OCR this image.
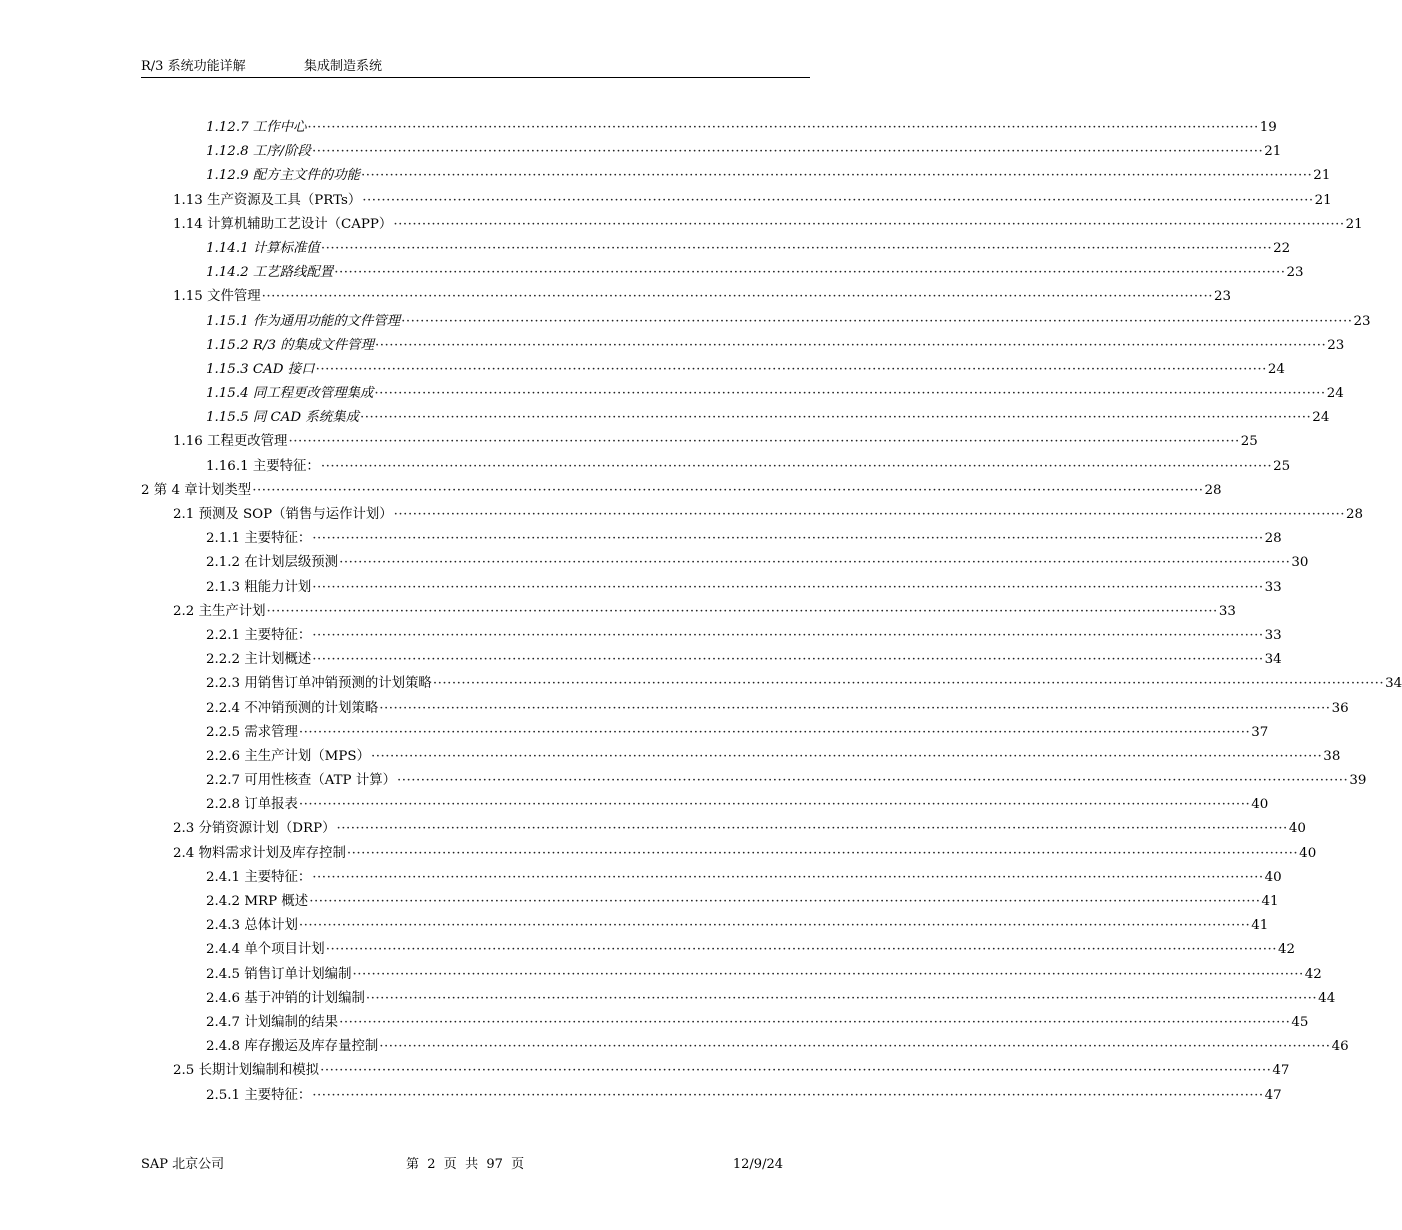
R/3 系统功能详解	集成制造系统
1.12.7 工作中心 ········································································································································································································ 19
1.12.8 工序/阶段 ········································································································································································································ 21
1.12.9 配方主文件的功能 ········································································································································································································ 21
1.13 生产资源及工具（PRTs） ········································································································································································································ 21
1.14 计算机辅助工艺设计（CAPP） ········································································································································································································ 21
1.14.1 计算标准值 ········································································································································································································ 22
1.14.2 工艺路线配置 ········································································································································································································ 23
1.15 文件管理 ········································································································································································································ 23
1.15.1 作为通用功能的文件管理 ········································································································································································································ 23
1.15.2 R/3 的集成文件管理 ········································································································································································································ 23
1.15.3 CAD 接口 ········································································································································································································ 24
1.15.4 同工程更改管理集成 ········································································································································································································ 24
1.15.5 同 CAD 系统集成 ········································································································································································································ 24
1.16 工程更改管理 ········································································································································································································ 25
1.16.1 主要特征： ········································································································································································································ 25
2 第 4 章计划类型 ········································································································································································································ 28
2.1 预测及 SOP（销售与运作计划） ········································································································································································································ 28
2.1.1 主要特征： ········································································································································································································ 28
2.1.2 在计划层级预测 ········································································································································································································ 30
2.1.3 粗能力计划 ········································································································································································································ 33
2.2 主生产计划 ········································································································································································································ 33
2.2.1 主要特征： ········································································································································································································ 33
2.2.2 主计划概述 ········································································································································································································ 34
2.2.3 用销售订单冲销预测的计划策略 ········································································································································································································ 34
2.2.4 不冲销预测的计划策略 ········································································································································································································ 36
2.2.5 需求管理 ········································································································································································································ 37
2.2.6 主生产计划（MPS） ········································································································································································································ 38
2.2.7 可用性核查（ATP 计算） ········································································································································································································ 39
2.2.8 订单报表 ········································································································································································································ 40
2.3 分销资源计划（DRP） ········································································································································································································ 40
2.4 物料需求计划及库存控制 ········································································································································································································ 40
2.4.1 主要特征： ········································································································································································································ 40
2.4.2 MRP 概述 ········································································································································································································ 41
2.4.3 总体计划 ········································································································································································································ 41
2.4.4 单个项目计划 ········································································································································································································ 42
2.4.5 销售订单计划编制 ········································································································································································································ 42
2.4.6 基于冲销的计划编制 ········································································································································································································ 44
2.4.7 计划编制的结果 ········································································································································································································ 45
2.4.8 库存搬运及库存量控制 ········································································································································································································ 46
2.5 长期计划编制和模拟 ········································································································································································································ 47
2.5.1 主要特征： ········································································································································································································ 47
SAP 北京公司	第  2  页  共  97  页	12/9/24
